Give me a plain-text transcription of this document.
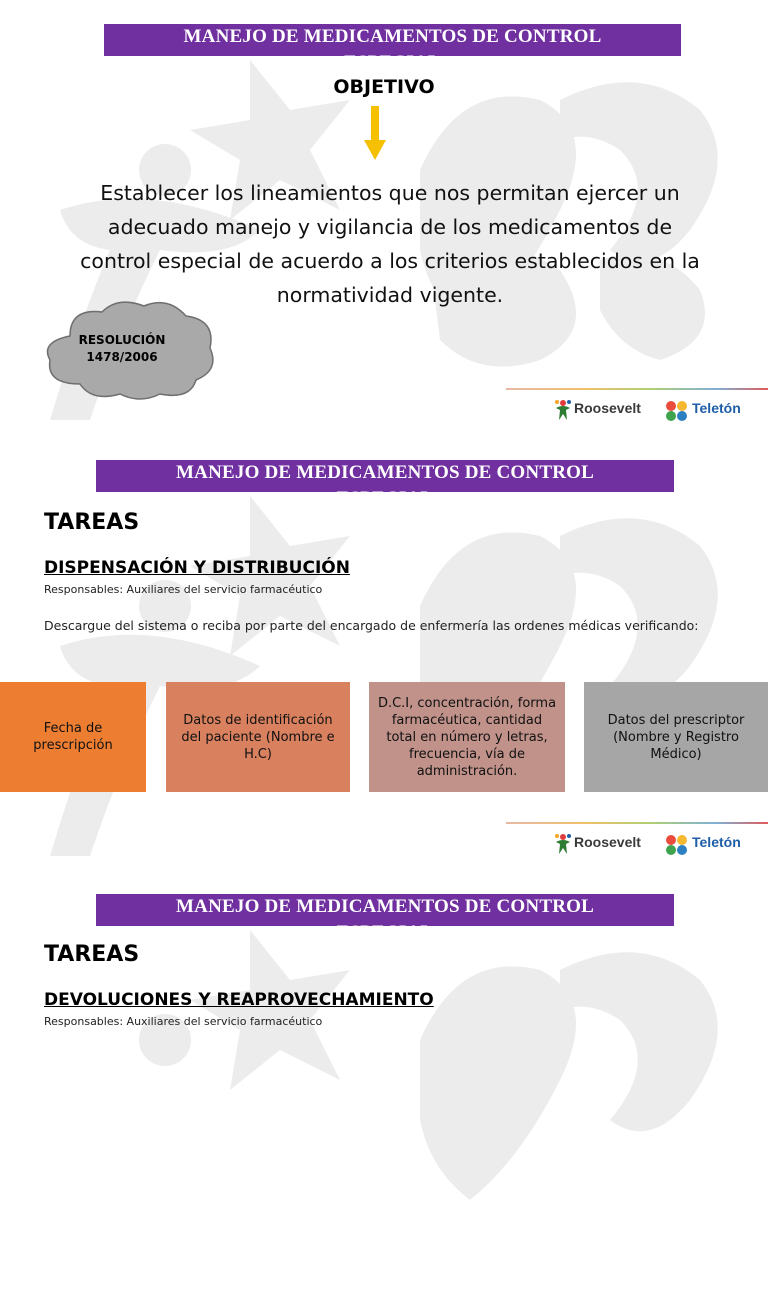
MANEJO DE MEDICAMENTOS DE CONTROL
ESPECIAL
OBJETIVO
Establecer los lineamientos que nos permitan ejercer un adecuado manejo y vigilancia de los medicamentos de control especial de acuerdo a los criterios establecidos en la normatividad vigente.
RESOLUCIÓN
1478/2006
Roosevelt	Teletón
MANEJO DE MEDICAMENTOS DE CONTROL
ESPECIAL
TAREAS
DISPENSACIÓN Y DISTRIBUCIÓN
Responsables: Auxiliares del servicio farmacéutico
Descargue del sistema o reciba por parte del encargado de enfermería las ordenes médicas verificando:
Fecha de prescripción
Datos de identificación del paciente (Nombre e H.C)
D.C.I, concentración, forma farmacéutica, cantidad total en número y letras, frecuencia, vía de administración.
Datos del prescriptor (Nombre y Registro Médico)
Roosevelt	Teletón
MANEJO DE MEDICAMENTOS DE CONTROL
ESPECIAL
TAREAS
DEVOLUCIONES Y REAPROVECHAMIENTO
Responsables: Auxiliares del servicio farmacéutico
